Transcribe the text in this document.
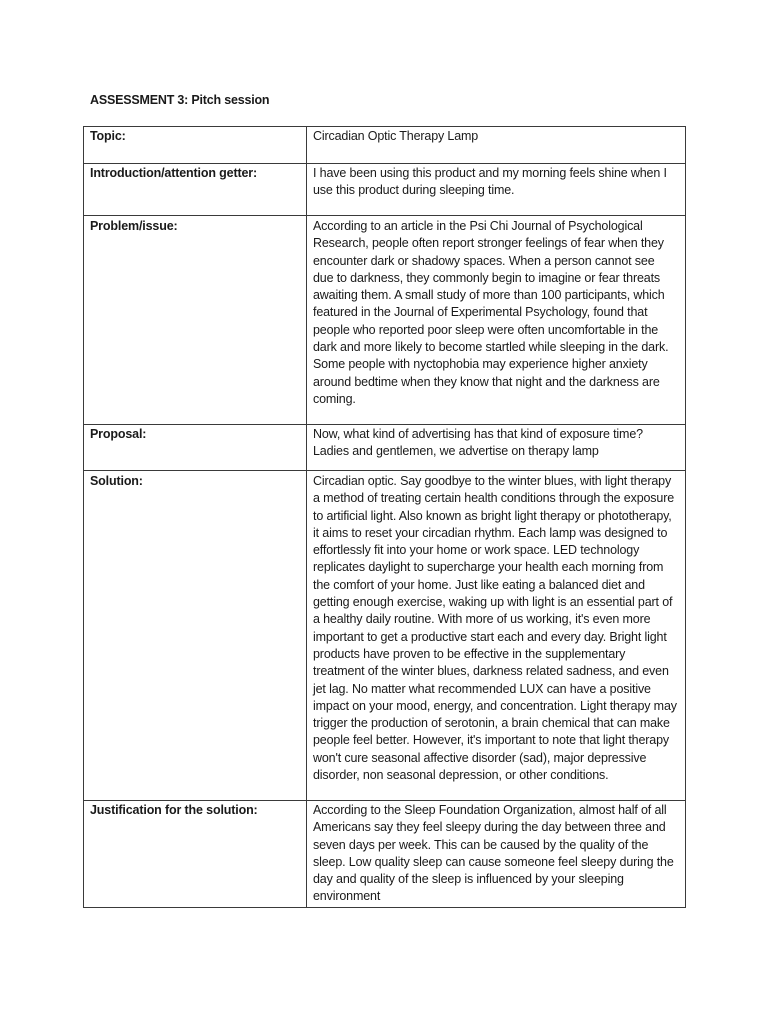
ASSESSMENT 3: Pitch session
Topic:	Circadian Optic Therapy Lamp

Introduction/attention getter:	I have been using this product and my morning feels shine when I use this product during sleeping time.

Problem/issue:	According to an article in the Psi Chi Journal of Psychological Research, people often report stronger feelings of fear when they encounter dark or shadowy spaces. When a person cannot see due to darkness, they commonly begin to imagine or fear threats awaiting them. A small study of more than 100 participants, which featured in the Journal of Experimental Psychology, found that people who reported poor sleep were often uncomfortable in the dark and more likely to become startled while sleeping in the dark. Some people with nyctophobia may experience higher anxiety around bedtime when they know that night and the darkness are coming.

Proposal:	Now, what kind of advertising has that kind of exposure time? Ladies and gentlemen, we advertise on therapy lamp

Solution:	Circadian optic. Say goodbye to the winter blues, with light therapy a method of treating certain health conditions through the exposure to artificial light. Also known as bright light therapy or phototherapy, it aims to reset your circadian rhythm. Each lamp was designed to effortlessly fit into your home or work space. LED technology replicates daylight to supercharge your health each morning from the comfort of your home. Just like eating a balanced diet and getting enough exercise, waking up with light is an essential part of a healthy daily routine. With more of us working, it's even more important to get a productive start each and every day. Bright light products have proven to be effective in the supplementary treatment of the winter blues, darkness related sadness, and even jet lag. No matter what recommended LUX can have a positive impact on your mood, energy, and concentration. Light therapy may trigger the production of serotonin, a brain chemical that can make people feel better. However, it's important to note that light therapy won't cure seasonal affective disorder (sad), major depressive disorder, non seasonal depression, or other conditions.

Justification for the solution:	According to the Sleep Foundation Organization, almost half of all Americans say they feel sleepy during the day between three and seven days per week. This can be caused by the quality of the sleep. Low quality sleep can cause someone feel sleepy during the day and quality of the sleep is influenced by your sleeping environment
